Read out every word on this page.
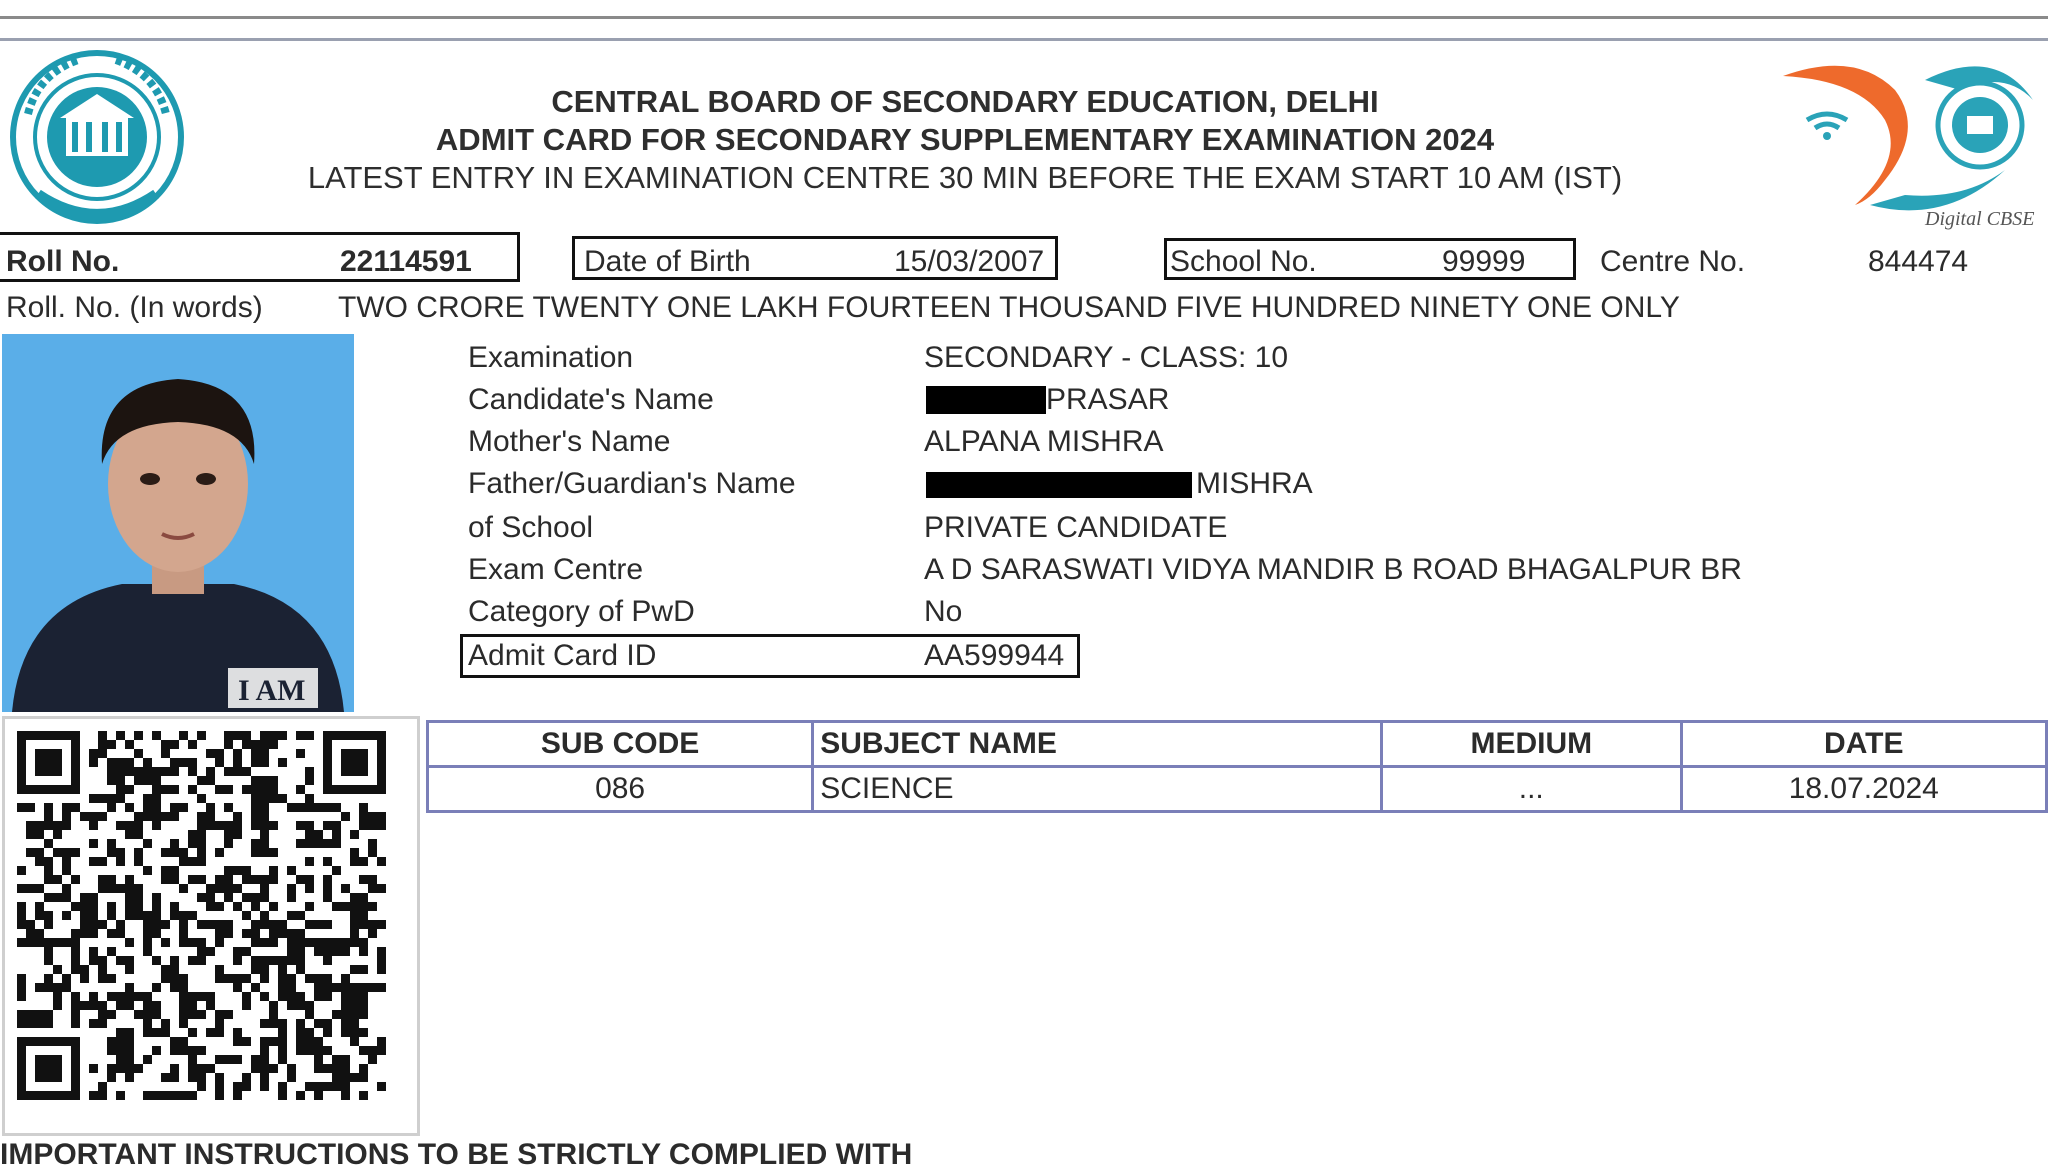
Digital CBSE
CENTRAL BOARD OF SECONDARY EDUCATION, DELHI
ADMIT CARD FOR SECONDARY SUPPLEMENTARY EXAMINATION 2024
LATEST ENTRY IN EXAMINATION CENTRE 30 MIN BEFORE THE EXAM START 10 AM (IST)
Roll No.	22114591	Date of Birth	15/03/2007	School No.	99999 Centre No.	844474
Roll. No. (In words)	TWO CRORE TWENTY ONE LAKH FOURTEEN THOUSAND FIVE HUNDRED NINETY ONE ONLY
I AM
Examination	SECONDARY - CLASS: 10
Candidate's Name	PRASAR
Mother's Name	ALPANA MISHRA
Father/Guardian's Name	MISHRA
of School	PRIVATE CANDIDATE
Exam Centre	A D SARASWATI VIDYA MANDIR B ROAD BHAGALPUR BR
Category of PwD	No
Admit Card ID	AA599944
SUB CODE	SUBJECT NAME	MEDIUM	DATE
086	SCIENCE	...	18.07.2024
IMPORTANT INSTRUCTIONS TO BE STRICTLY COMPLIED WITH
